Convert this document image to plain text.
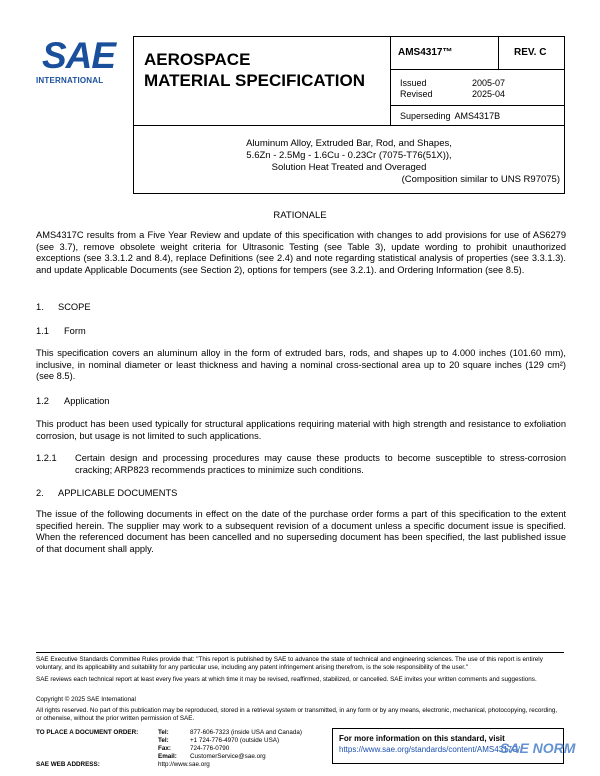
SAE
INTERNATIONAL
AEROSPACE
MATERIAL SPECIFICATION
AMS4317™	REV. C
Issued	2005-07
Revised	2025-04
Superseding AMS4317B
Aluminum Alloy, Extruded Bar, Rod, and Shapes,
5.6Zn - 2.5Mg - 1.6Cu - 0.23Cr (7075-T76(51X)),
Solution Heat Treated and Overaged
(Composition similar to UNS R97075)
RATIONALE
AMS4317C results from a Five Year Review and update of this specification with changes to add provisions for use of AS6279 (see 3.7), remove obsolete weight criteria for Ultrasonic Testing (see Table 3), update wording to prohibit unauthorized exceptions (see 3.3.1.2 and 8.4), replace Definitions (see 2.4) and note regarding statistical analysis of properties (see 3.3.1.3). and update Applicable Documents (see Section 2), options for tempers (see 3.2.1). and Ordering Information (see 8.5).
1. SCOPE
1.1 Form
This specification covers an aluminum alloy in the form of extruded bars, rods, and shapes up to 4.000 inches (101.60 mm), inclusive, in nominal diameter or least thickness and having a nominal cross-sectional area up to 20 square inches (129 cm²) (see 8.5).
1.2 Application
This product has been used typically for structural applications requiring material with high strength and resistance to exfoliation corrosion, but usage is not limited to such applications.
1.2.1 Certain design and processing procedures may cause these products to become susceptible to stress-corrosion cracking; ARP823 recommends practices to minimize such conditions.
2. APPLICABLE DOCUMENTS
The issue of the following documents in effect on the date of the purchase order forms a part of this specification to the extent specified herein. The supplier may work to a subsequent revision of a document unless a specific document issue is specified. When the referenced document has been cancelled and no superseding document has been specified, the last published issue of that document shall apply.
SAE Executive Standards Committee Rules provide that: "This report is published by SAE to advance the state of technical and engineering sciences. The use of this report is entirely voluntary, and its applicability and suitability for any particular use, including any patent infringement arising therefrom, is the sole responsibility of the user."
SAE reviews each technical report at least every five years at which time it may be revised, reaffirmed, stabilized, or cancelled. SAE invites your written comments and suggestions.
Copyright © 2025 SAE International
All rights reserved. No part of this publication may be reproduced, stored in a retrieval system or transmitted, in any form or by any means, electronic, mechanical, photocopying, recording, or otherwise, without the prior written permission of SAE.
TO PLACE A DOCUMENT ORDER:	Tel:	877-606-7323 (inside USA and Canada)
Tel:	+1 724-776-4970 (outside USA)
Fax:	724-776-0790
Email: CustomerService@sae.org
SAE WEB ADDRESS:	http://www.sae.org
For more information on this standard, visit
https://www.sae.org/standards/content/AMS4317C/
SAE NORM
